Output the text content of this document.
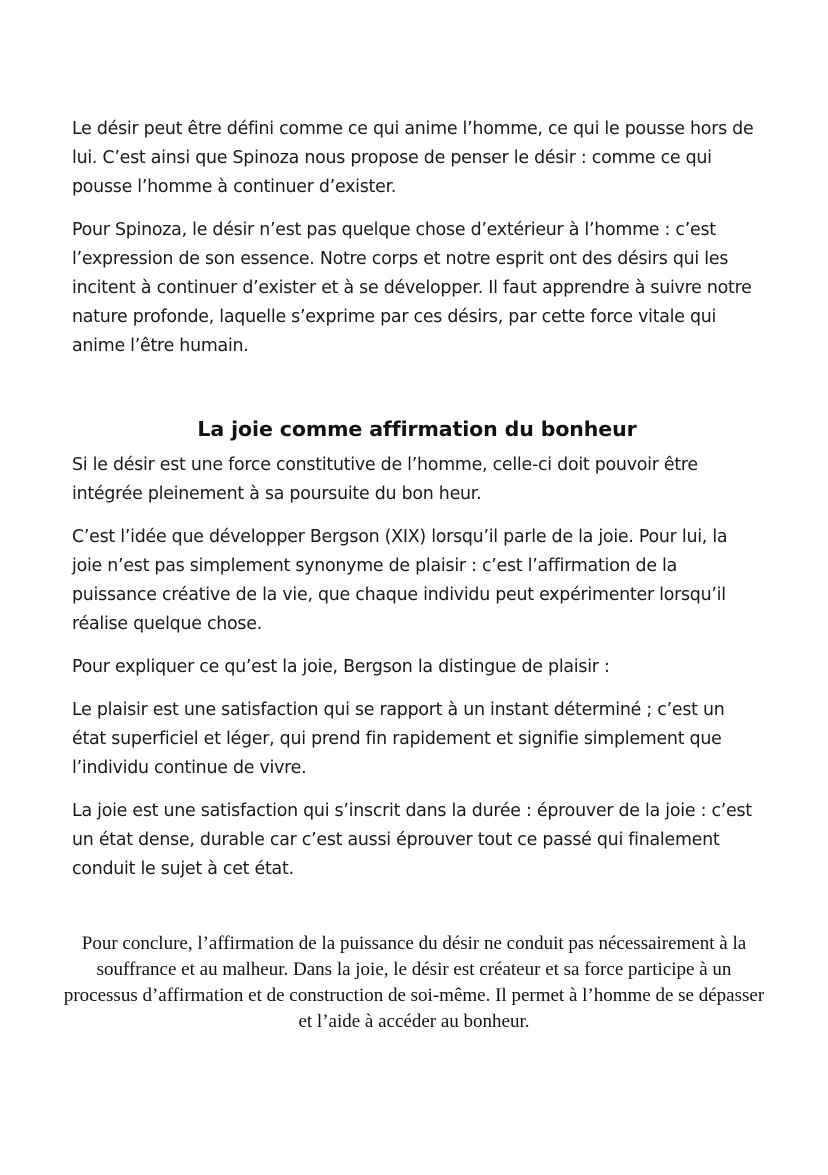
Le désir peut être défini comme ce qui anime l’homme, ce qui le pousse hors de lui. C’est ainsi que Spinoza nous propose de penser le désir : comme ce qui pousse l’homme à continuer d’exister.

Pour Spinoza, le désir n’est pas quelque chose d’extérieur à l’homme : c’est l’expression de son essence. Notre corps et notre esprit ont des désirs qui les incitent à continuer d’exister et à se développer. Il faut apprendre à suivre notre nature profonde, laquelle s’exprime par ces désirs, par cette force vitale qui anime l’être humain.

La joie comme affirmation du bonheur

Si le désir est une force constitutive de l’homme, celle-ci doit pouvoir être intégrée pleinement à sa poursuite du bon heur.

C’est l’idée que développer Bergson (XIX) lorsqu’il parle de la joie. Pour lui, la joie n’est pas simplement synonyme de plaisir : c’est l’affirmation de la puissance créative de la vie, que chaque individu peut expérimenter lorsqu’il réalise quelque chose.

Pour expliquer ce qu’est la joie, Bergson la distingue de plaisir :

Le plaisir est une satisfaction qui se rapport à un instant déterminé ; c’est un état superficiel et léger, qui prend fin rapidement et signifie simplement que l’individu continue de vivre.

La joie est une satisfaction qui s’inscrit dans la durée : éprouver de la joie : c’est un état dense, durable car c’est aussi éprouver tout ce passé qui finalement conduit le sujet à cet état.

Pour conclure, l’affirmation de la puissance du désir ne conduit pas nécessairement à la souffrance et au malheur. Dans la joie, le désir est créateur et sa force participe à un processus d’affirmation et de construction de soi-même. Il permet à l’homme de se dépasser et l’aide à accéder au bonheur.
